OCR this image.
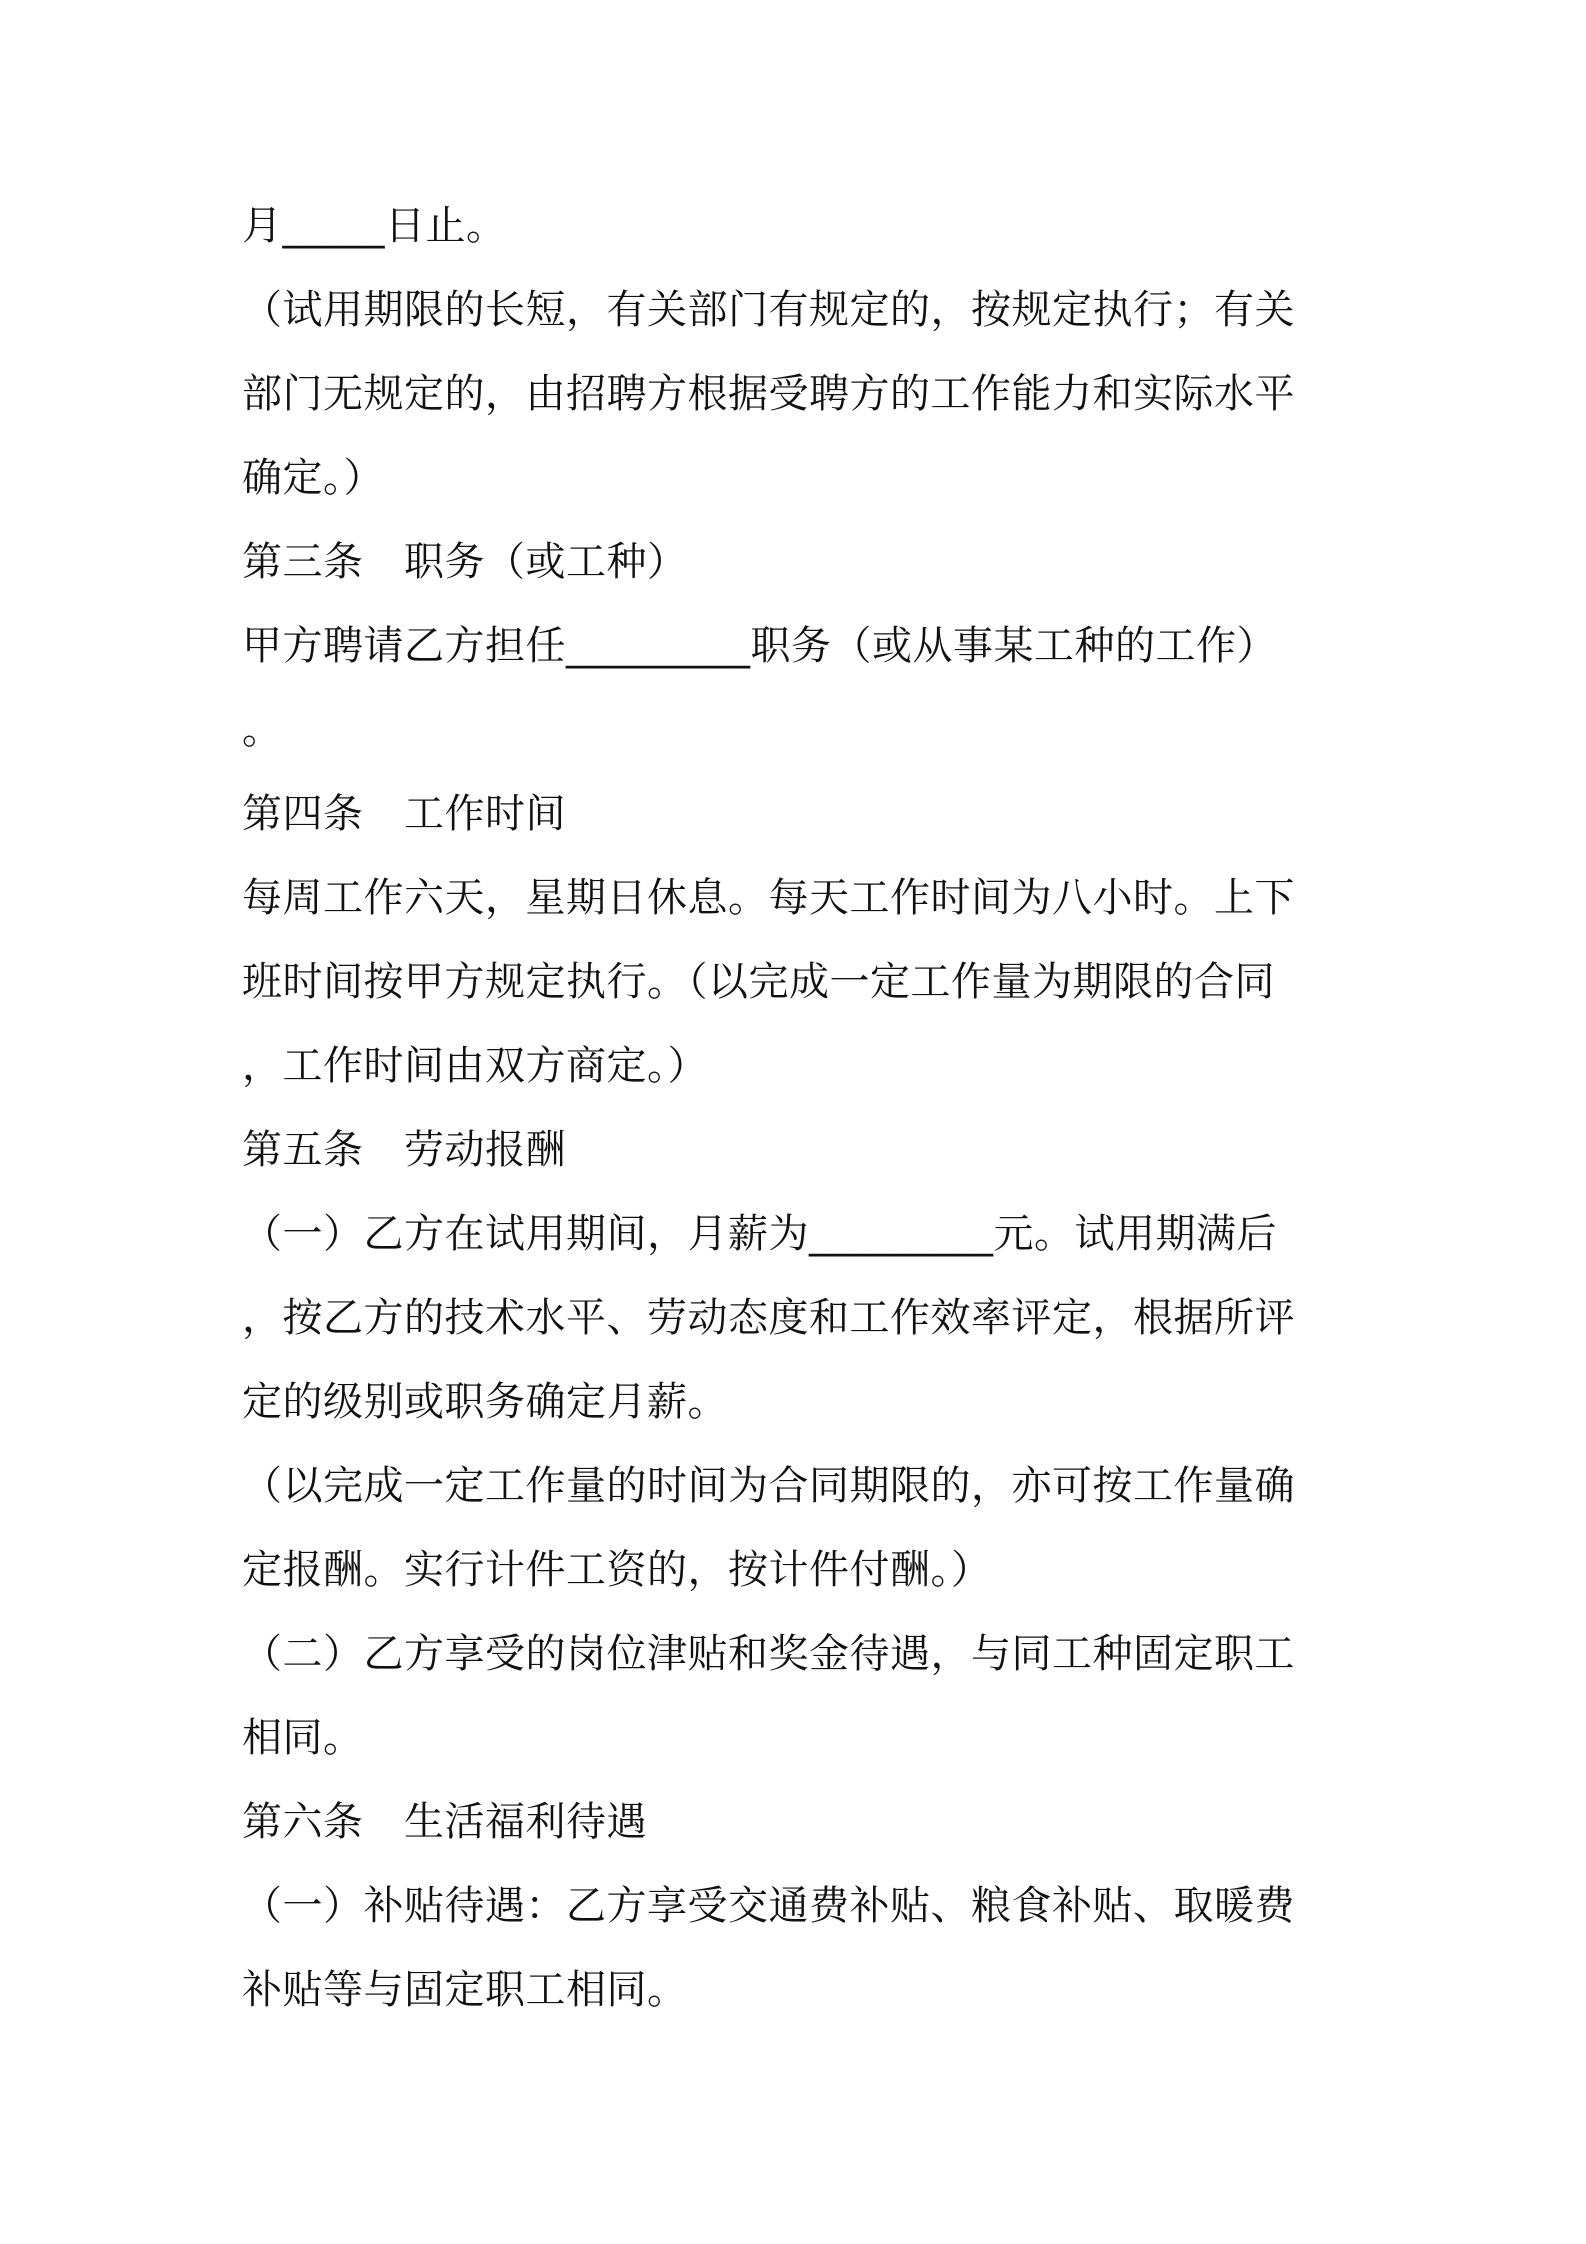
月_____日止。
（试用期限的长短，有关部门有规定的，按规定执行；有关
部门无规定的，由招聘方根据受聘方的工作能力和实际水平
确定。）
第三条　职务（或工种）
甲方聘请乙方担任_________职务（或从事某工种的工作）
。
第四条　工作时间
每周工作六天，星期日休息。每天工作时间为八小时。上下
班时间按甲方规定执行。（以完成一定工作量为期限的合同
，工作时间由双方商定。）
第五条　劳动报酬
（一）乙方在试用期间，月薪为_________元。试用期满后
，按乙方的技术水平、劳动态度和工作效率评定，根据所评
定的级别或职务确定月薪。
（以完成一定工作量的时间为合同期限的，亦可按工作量确
定报酬。实行计件工资的，按计件付酬。）
（二）乙方享受的岗位津贴和奖金待遇，与同工种固定职工
相同。
第六条　生活福利待遇
（一）补贴待遇：乙方享受交通费补贴、粮食补贴、取暖费
补贴等与固定职工相同。
